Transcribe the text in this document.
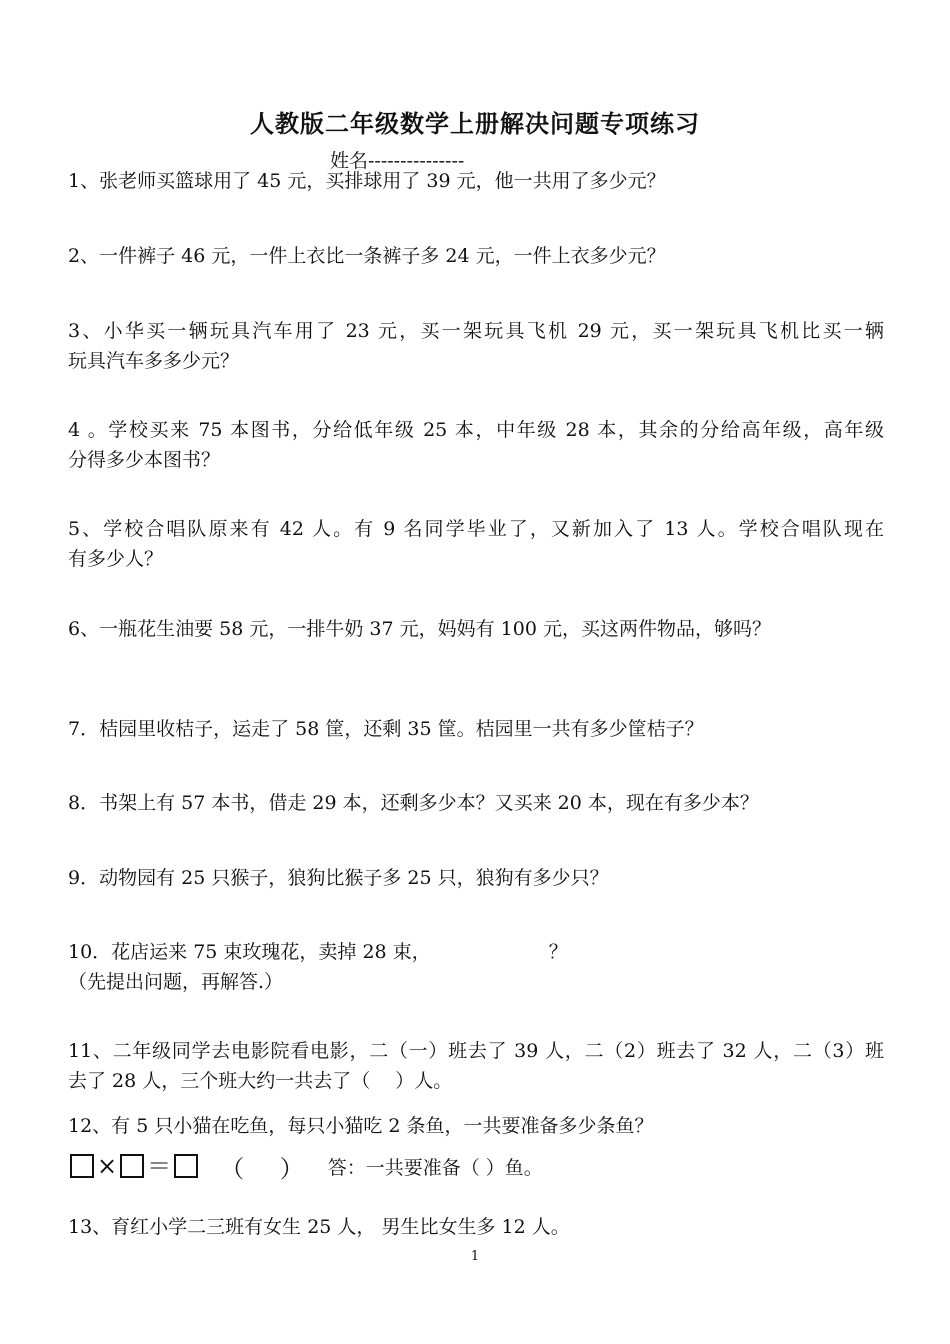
人教版二年级数学上册解决问题专项练习
姓名---------------
1、张老师买篮球用了 45 元，买排球用了 39 元，他一共用了多少元？
2、一件裤子 46 元，一件上衣比一条裤子多 24 元，一件上衣多少元？
3、小华买一辆玩具汽车用了 23 元，买一架玩具飞机 29 元，买一架玩具飞机比买一辆
玩具汽车多多少元？
4 。学校买来 75 本图书，分给低年级 25 本，中年级 28 本，其余的分给高年级，高年级
分得多少本图书？
5、学校合唱队原来有 42 人。有 9 名同学毕业了，又新加入了 13 人。学校合唱队现在
有多少人？
6、一瓶花生油要 58 元，一排牛奶 37 元，妈妈有 100 元，买这两件物品，够吗？
7．桔园里收桔子，运走了 58 筐，还剩 35 筐。桔园里一共有多少筐桔子？
8．书架上有 57 本书，借走 29 本，还剩多少本？又买来 20 本，现在有多少本？
9．动物园有 25 只猴子，狼狗比猴子多 25 只，狼狗有多少只？
10．花店运来 75 束玫瑰花，卖掉 28 束，	？
（先提出问题，再解答.）
11、二年级同学去电影院看电影，二（一）班去了 39 人，二（2）班去了 32 人，二（3）班
去了 28 人，三个班大约一共去了（　 ）人。
12、有 5 只小猫在吃鱼，每只小猫吃 2 条鱼，一共要准备多少条鱼？
× ＝ （ ） 答：一共要准备（ ）鱼。
13、育红小学二三班有女生 25 人， 男生比女生多 12 人。
1
